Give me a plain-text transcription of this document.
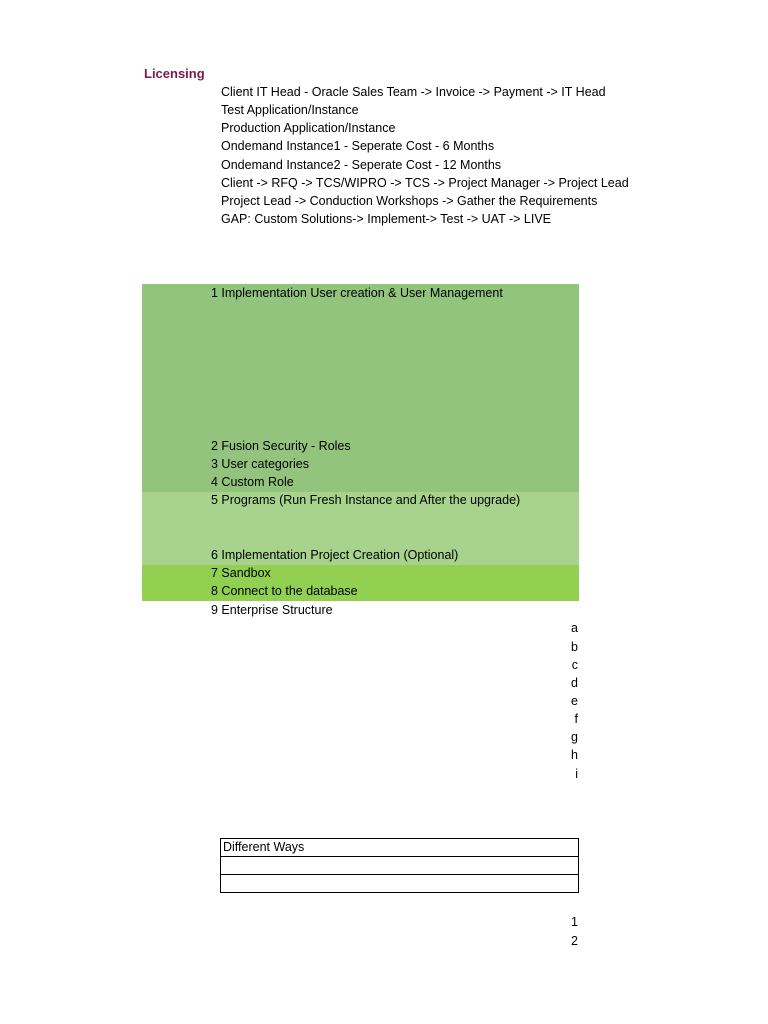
Licensing
Client IT Head - Oracle Sales Team -> Invoice -> Payment -> IT Head
Test Application/Instance
Production Application/Instance
Ondemand Instance1 - Seperate Cost - 6 Months
Ondemand Instance2 - Seperate Cost - 12 Months
Client -> RFQ -> TCS/WIPRO -> TCS -> Project Manager -> Project Lead
Project Lead -> Conduction Workshops -> Gather the Requirements
GAP: Custom Solutions-> Implement-> Test -> UAT -> LIVE
1 Implementation User creation & User Management
2 Fusion Security - Roles
3 User categories
4 Custom Role
5 Programs (Run Fresh Instance and After the upgrade)
6 Implementation Project Creation (Optional)
7 Sandbox
8 Connect to the database
9 Enterprise Structure
a
b
c
d
e
f
g
h
i
Different Ways
1
2
